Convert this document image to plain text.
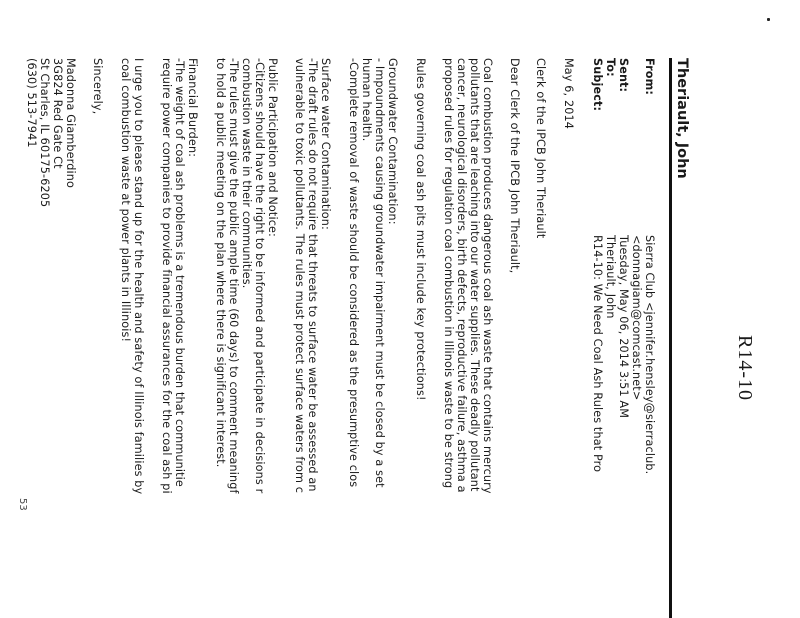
R14-10
Theriault, John
From:
Sierra Club <jennifer.hensley@sierraclub.
<donnagiam@comcast.net>
Sent:
Tuesday, May 06, 2014 3:51 AM
To:
Theriault, John
Subject:
R14-10: We Need Coal Ash Rules that Pro
May 6, 2014
Clerk of the IPCB John Theriault
Dear Clerk of the IPCB John Theriault,
Coal combustion produces dangerous coal ash waste that contains mercury
pollutants that are leaching into our water supplies. These deadly pollutant
cancer, neurological disorders, birth defects, reproductive failure, asthma a
proposed rules for regulation coal combustion in Illinois waste to be strong
Rules governing coal ash pits must include key protections!
Groundwater Contamination:
- Impoundments causing groundwater impairment must be closed by a set
human health.
-Complete removal of waste should be considered as the presumptive clos
Surface water Contamination:
-The draft rules do not require that threats to surface water be assessed an
vulnerable to toxic pollutants. The rules must protect surface waters from c
Public Participation and Notice:
-Citizens should have the right to be informed and participate in decisions r
combustion waste in their communities.
-The rules must give the public ample time (60 days) to comment meaningf
to hold a public meeting on the plan where there is significant interest.
Financial Burden:
-The weight of coal ash problems is a tremendous burden that communitie
require power companies to provide financial assurances for the coal ash pi
I urge you to please stand up for the health and safety of Illinois families by
coal combustion waste at power plants in Illinois!
Sincerely,
Madonna Giamberdino
3G824 Red Gate Ct
St Charles, IL 60175-6205
(630) 513-7941
53
